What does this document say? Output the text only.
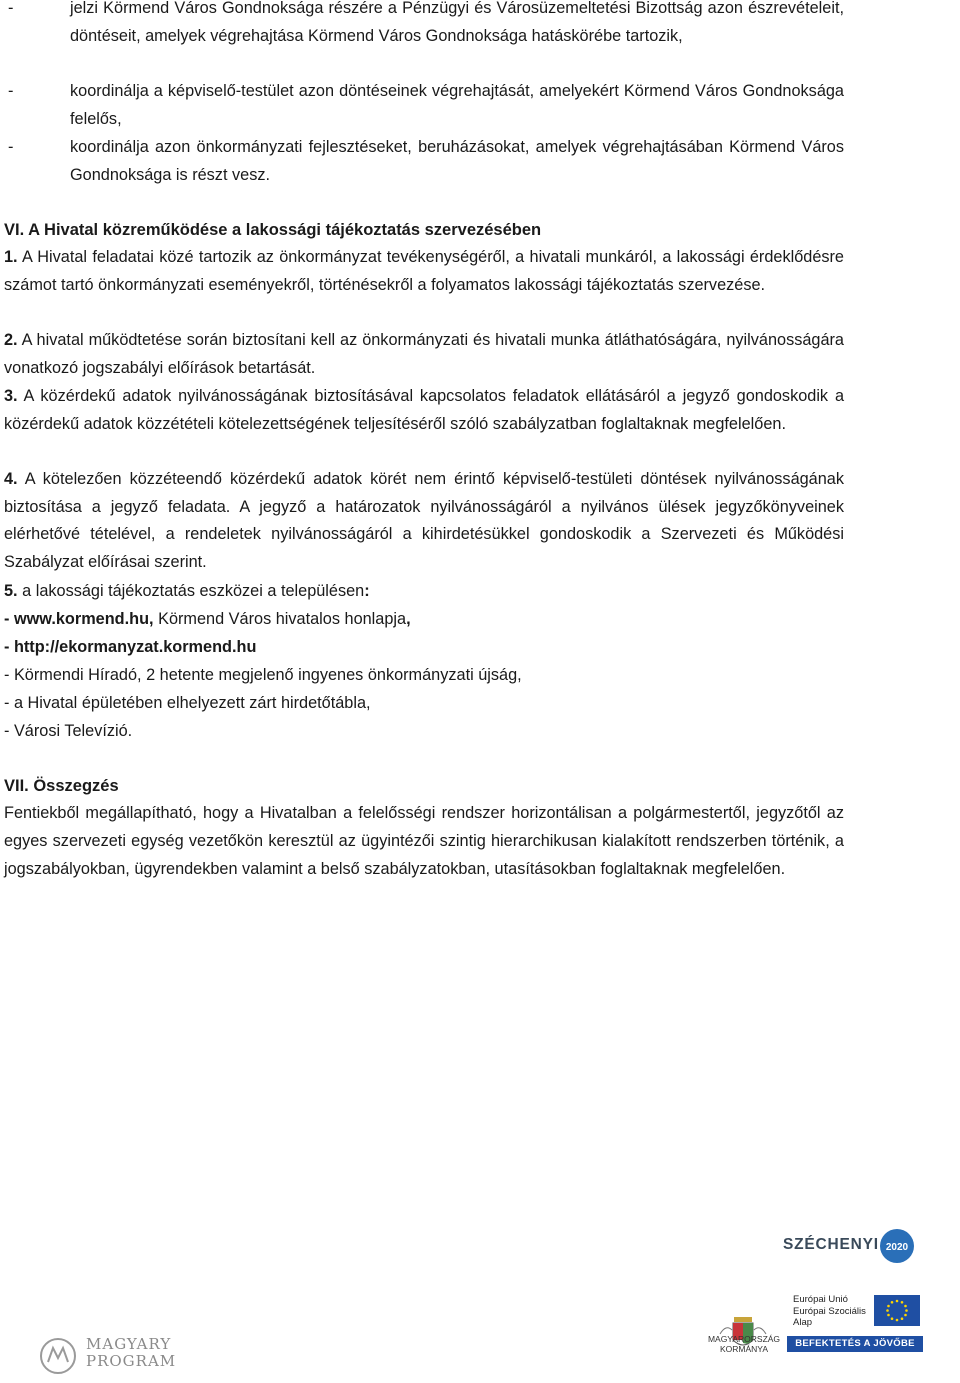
-	jelzi Körmend Város Gondnoksága részére a Pénzügyi és Városüzemeltetési Bizottság azon észrevételeit, döntéseit, amelyek végrehajtása Körmend Város Gondnoksága hatáskörébe tartozik,
-	koordinálja a képviselő-testület azon döntéseinek végrehajtását, amelyekért Körmend Város Gondnoksága felelős,
-	koordinálja azon önkormányzati fejlesztéseket, beruházásokat, amelyek végrehajtásában Körmend Város Gondnoksága is részt vesz.
VI. A Hivatal közreműködése a lakossági tájékoztatás szervezésében
1. A Hivatal feladatai közé tartozik az önkormányzat tevékenységéről, a hivatali munkáról, a lakossági érdeklődésre számot tartó önkormányzati eseményekről, történésekről a folyamatos lakossági tájékoztatás szervezése.
2. A hivatal működtetése során biztosítani kell az önkormányzati és hivatali munka átláthatóságára, nyilvánosságára vonatkozó jogszabályi előírások betartását.
3. A közérdekű adatok nyilvánosságának biztosításával kapcsolatos feladatok ellátásáról a jegyző gondoskodik a közérdekű adatok közzétételi kötelezettségének teljesítéséről szóló szabályzatban foglaltaknak megfelelően.
4. A kötelezően közzéteendő közérdekű adatok körét nem érintő képviselő-testületi döntések nyilvánosságának biztosítása a jegyző feladata. A jegyző a határozatok nyilvánosságáról a nyilvános ülések jegyzőkönyveinek elérhetővé tételével, a rendeletek nyilvánosságáról a kihirdetésükkel gondoskodik a Szervezeti és Működési Szabályzat előírásai szerint.
5. a lakossági tájékoztatás eszközei a településen:
- www.kormend.hu, Körmend Város hivatalos honlapja,
- http://ekormanyzat.kormend.hu
- Körmendi Híradó, 2 hetente megjelenő ingyenes önkormányzati újság,
- a Hivatal épületében elhelyezett zárt hirdetőtábla,
- Városi Televízió.
VII. Összegzés
Fentiekből megállapítható, hogy a Hivatalban a felelősségi rendszer horizontálisan a polgármestertől, jegyzőtől az egyes szervezeti egység vezetőkön keresztül az ügyintézői szintig hierarchikusan kialakított rendszerben történik, a jogszabályokban, ügyrendekben valamint a belső szabályzatokban, utasításokban foglaltaknak megfelelően.
MAGYARY
PROGRAM
SZÉCHENYI 2020
MAGYARORSZÁG
KORMÁNYA
Európai Unió
Európai Szociális
Alap
BEFEKTETÉS A JÖVŐBE
